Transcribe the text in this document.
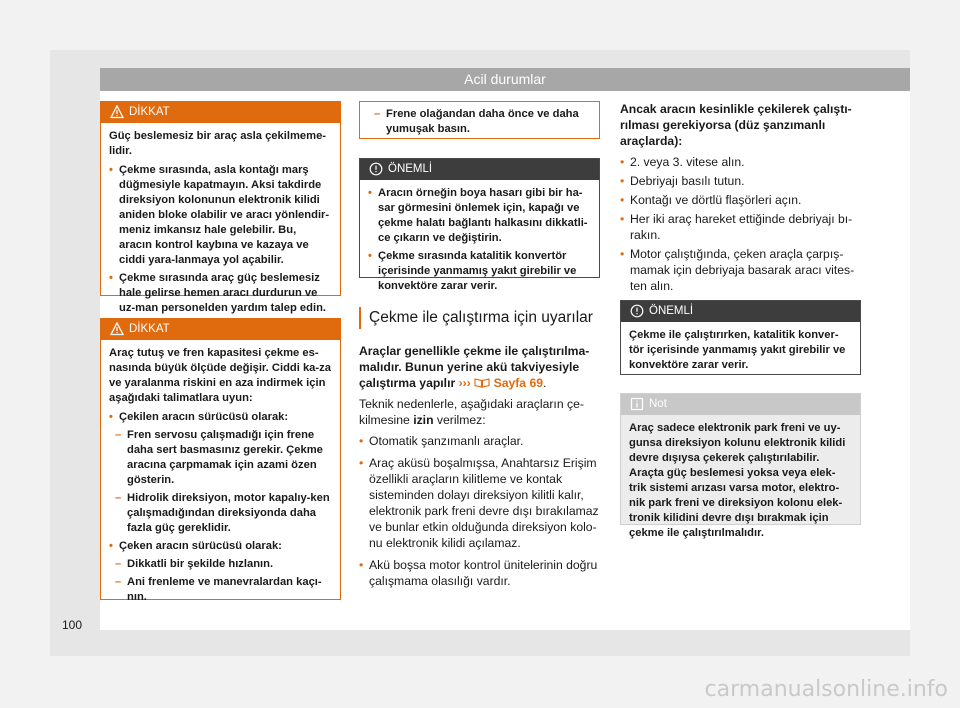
Acil durumlar
DİKKAT

Güç beslemesiz bir araç asla çekilmeme-lidir.

• Çekme sırasında, asla kontağı marş düğmesiyle kapatmayın. Aksi takdirde direksiyon kolonunun elektronik kilidi aniden bloke olabilir ve aracı yönlendir-meniz imkansız hale gelebilir. Bu, aracın kontrol kaybına ve kazaya ve ciddi yara-lanmaya yol açabilir.
• Çekme sırasında araç güç beslemesiz hale gelirse hemen aracı durdurun ve uz-man personelden yardım talep edin.
DİKKAT

Araç tutuş ve fren kapasitesi çekme es-nasında büyük ölçüde değişir. Ciddi ka-za ve yaralanma riskini en aza indirmek için aşağıdaki talimatlara uyun:

• Çekilen aracın sürücüsü olarak:
– Fren servosu çalışmadığı için frene daha sert basmasınız gerekir. Çekme aracına çarpmamak için azami özen gösterin.
– Hidrolik direksiyon, motor kapalıy-ken çalışmadığından direksiyonda daha fazla güç gereklidir.
• Çeken aracın sürücüsü olarak:
– Dikkatli bir şekilde hızlanın.
– Ani frenleme ve manevralardan kaçı-nın.
– Frene olağandan daha önce ve daha yumuşak basın.
ÖNEMLİ
• Aracın örneğin boya hasarı gibi bir ha-sar görmesini önlemek için, kapağı ve çekme halatı bağlantı halkasını dikkatli-ce çıkarın ve değiştirin.
• Çekme sırasında katalitik konvertör içerisinde yanmamış yakıt girebilir ve konvektöre zarar verir.
Çekme ile çalıştırma için uyarılar

Araçlar genellikle çekme ile çalıştırılma-malıdır. Bunun yerine akü takviyesiyle çalıştırma yapılır ››› Sayfa 69.

Teknik nedenlerle, aşağıdaki araçların çe-kilmesine izin verilmez:

• Otomatik şanzımanlı araçlar.
• Araç aküsü boşalmışsa, Anahtarsız Erişim özellikli araçların kilitleme ve kontak sisteminden dolayı direksiyon kilitli kalır, elektronik park freni devre dışı bırakılamaz ve bunlar etkin olduğunda direksiyon kolo-nu elektronik kilidi açılamaz.
• Akü boşsa motor kontrol ünitelerinin doğru çalışmama olasılığı vardır.

Ancak aracın kesinlikle çekilerek çalıştı-rılması gerekiyorsa (düz şanzımanlı araçlarda):

• 2. veya 3. vitese alın.
• Debriyajı basılı tutun.
• Kontağı ve dörtlü flaşörleri açın.
• Her iki araç hareket ettiğinde debriyajı bı-rakın.
• Motor çalıştığında, çeken araçla çarpış-mamak için debriyaja basarak aracı vites-ten alın.
ÖNEMLİ

Çekme ile çalıştırırken, katalitik konver-tör içerisinde yanmamış yakıt girebilir ve konvektöre zarar verir.

Not

Araç sadece elektronik park freni ve uy-gunsa direksiyon kolunu elektronik kilidi devre dışıysa çekerek çalıştırılabilir. Araçta güç beslemesi yoksa veya elek-trik sistemi arızası varsa motor, elektro-nik park freni ve direksiyon kolonu elek-tronik kilidini devre dışı bırakmak için çekme ile çalıştırılmalıdır.

100
carmanualsonline.info
